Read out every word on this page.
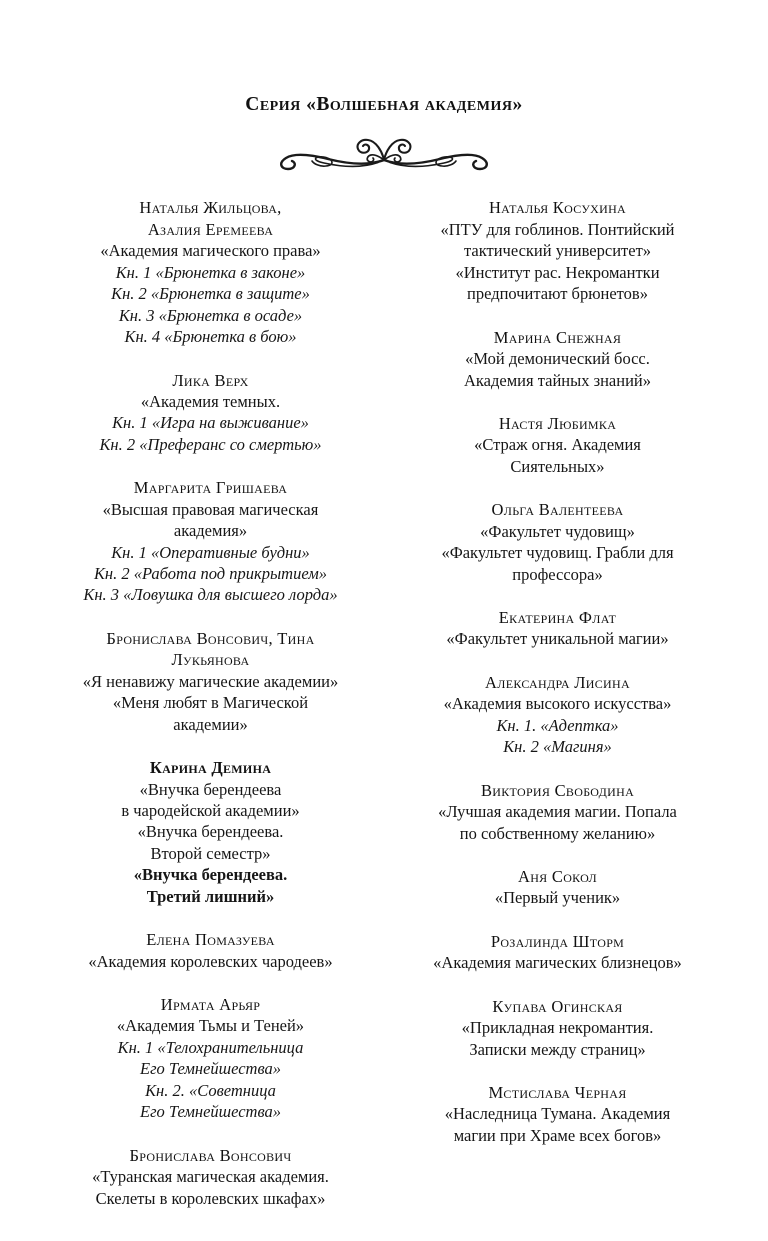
Серия «Волшебная академия»
Наталья Жильцова,
Азалия Еремеева
«Академия магического права»
Кн. 1 «Брюнетка в законе»
Кн. 2 «Брюнетка в защите»
Кн. 3 «Брюнетка в осаде»
Кн. 4 «Брюнетка в бою»
Лика Верх
«Академия темных.
Кн. 1 «Игра на выживание»
Кн. 2 «Преферанс со смертью»
Маргарита Гришаева
«Высшая правовая магическая
академия»
Кн. 1 «Оперативные будни»
Кн. 2 «Работа под прикрытием»
Кн. 3 «Ловушка для высшего лорда»
Бронислава Вонсович, Тина
Лукьянова
«Я ненавижу магические академии»
«Меня любят в Магической
академии»
Карина Демина
«Внучка берендеева
в чародейской академии»
«Внучка берендеева.
Второй семестр»
«Внучка берендеева.
Третий лишний»
Елена Помазуева
«Академия королевских чародеев»
Ирмата Арьяр
«Академия Тьмы и Теней»
Кн. 1 «Телохранительница
Его Темнейшества»
Кн. 2. «Советница
Его Темнейшества»
Бронислава Вонсович
«Туранская магическая академия.
Скелеты в королевских шкафах»
Наталья Косухина
«ПТУ для гоблинов. Понтийский
тактический университет»
«Институт рас. Некромантки
предпочитают брюнетов»
Марина Снежная
«Мой демонический босс.
Академия тайных знаний»
Настя Любимка
«Страж огня. Академия
Сиятельных»
Ольга Валентеева
«Факультет чудовищ»
«Факультет чудовищ. Грабли для
профессора»
Екатерина Флат
«Факультет уникальной магии»
Александра Лисина
«Академия высокого искусства»
Кн. 1. «Адептка»
Кн. 2 «Магиня»
Виктория Свободина
«Лучшая академия магии. Попала
по собственному желанию»
Аня Сокол
«Первый ученик»
Розалинда Шторм
«Академия магических близнецов»
Купава Огинская
«Прикладная некромантия.
Записки между страниц»
Мстислава Черная
«Наследница Тумана. Академия
магии при Храме всех богов»
